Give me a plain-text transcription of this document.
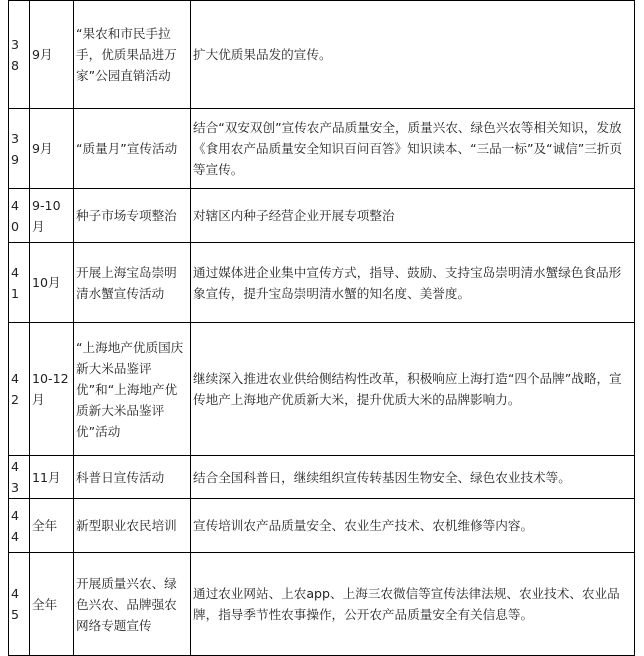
38	9月	“果农和市民手拉手，优质果品进万家”公园直销活动	扩大优质果品发的宣传。
39	9月	“质量月”宣传活动	结合“双安双创”宣传农产品质量安全，质量兴农、绿色兴农等相关知识，发放《食用农产品质量安全知识百问百答》知识读本、“三品一标”及“诚信”三折页等宣传。
40	9-10月	种子市场专项整治	对辖区内种子经营企业开展专项整治
41	10月	开展上海宝岛崇明清水蟹宣传活动	通过媒体进企业集中宣传方式，指导、鼓励、支持宝岛崇明清水蟹绿色食品形象宣传，提升宝岛崇明清水蟹的知名度、美誉度。
42	10-12月	“上海地产优质国庆新大米品鉴评优”和“上海地产优质新大米品鉴评优”活动	继续深入推进农业供给侧结构性改革，积极响应上海打造“四个品牌”战略，宣传地产上海地产优质新大米，提升优质大米的品牌影响力。
43	11月	科普日宣传活动	结合全国科普日，继续组织宣传转基因生物安全、绿色农业技术等。
44	全年	新型职业农民培训	宣传培训农产品质量安全、农业生产技术、农机维修等内容。
45	全年	开展质量兴农、绿色兴农、品牌强农网络专题宣传	通过农业网站、上农app、上海三农微信等宣传法律法规、农业技术、农业品牌，指导季节性农事操作，公开农产品质量安全有关信息等。
